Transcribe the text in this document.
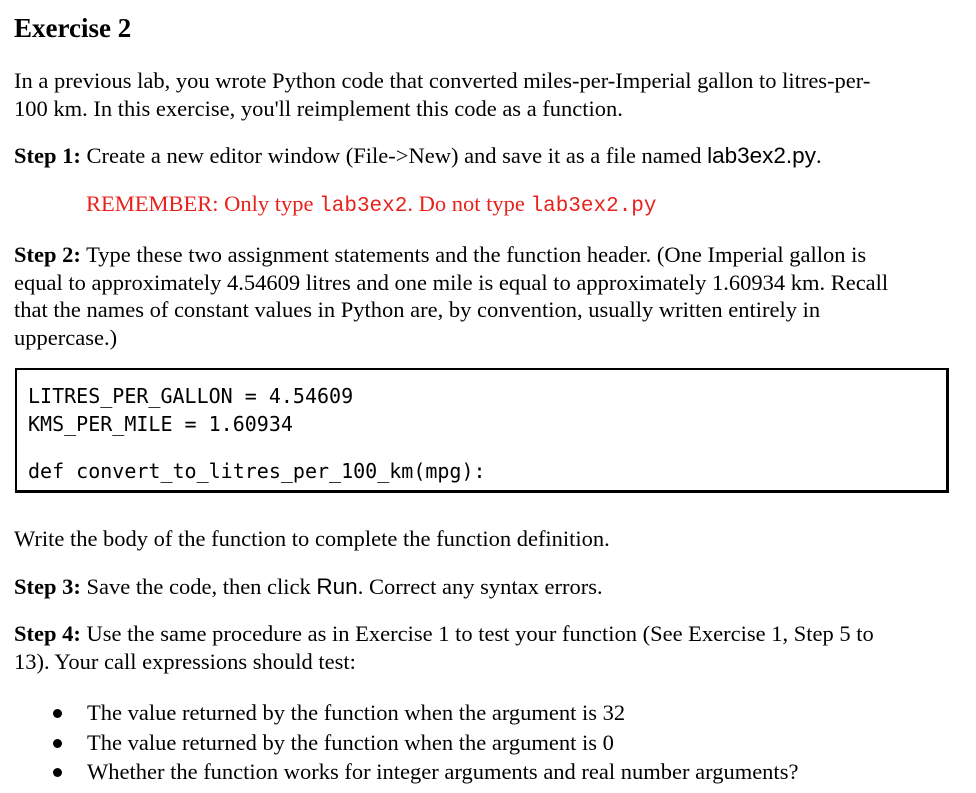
Exercise 2
In a previous lab, you wrote Python code that converted miles-per-Imperial gallon to litres-per-
100 km. In this exercise, you'll reimplement this code as a function.
Step 1: Create a new editor window (File->New) and save it as a file named lab3ex2.py.
REMEMBER: Only type lab3ex2. Do not type lab3ex2.py
Step 2: Type these two assignment statements and the function header. (One Imperial gallon is
equal to approximately 4.54609 litres and one mile is equal to approximately 1.60934 km. Recall
that the names of constant values in Python are, by convention, usually written entirely in
uppercase.)
LITRES_PER_GALLON = 4.54609
KMS_PER_MILE = 1.60934
def convert_to_litres_per_100_km(mpg):
Write the body of the function to complete the function definition.
Step 3: Save the code, then click Run. Correct any syntax errors.
Step 4: Use the same procedure as in Exercise 1 to test your function (See Exercise 1, Step 5 to
13). Your call expressions should test:
The value returned by the function when the argument is 32
The value returned by the function when the argument is 0
Whether the function works for integer arguments and real number arguments?
